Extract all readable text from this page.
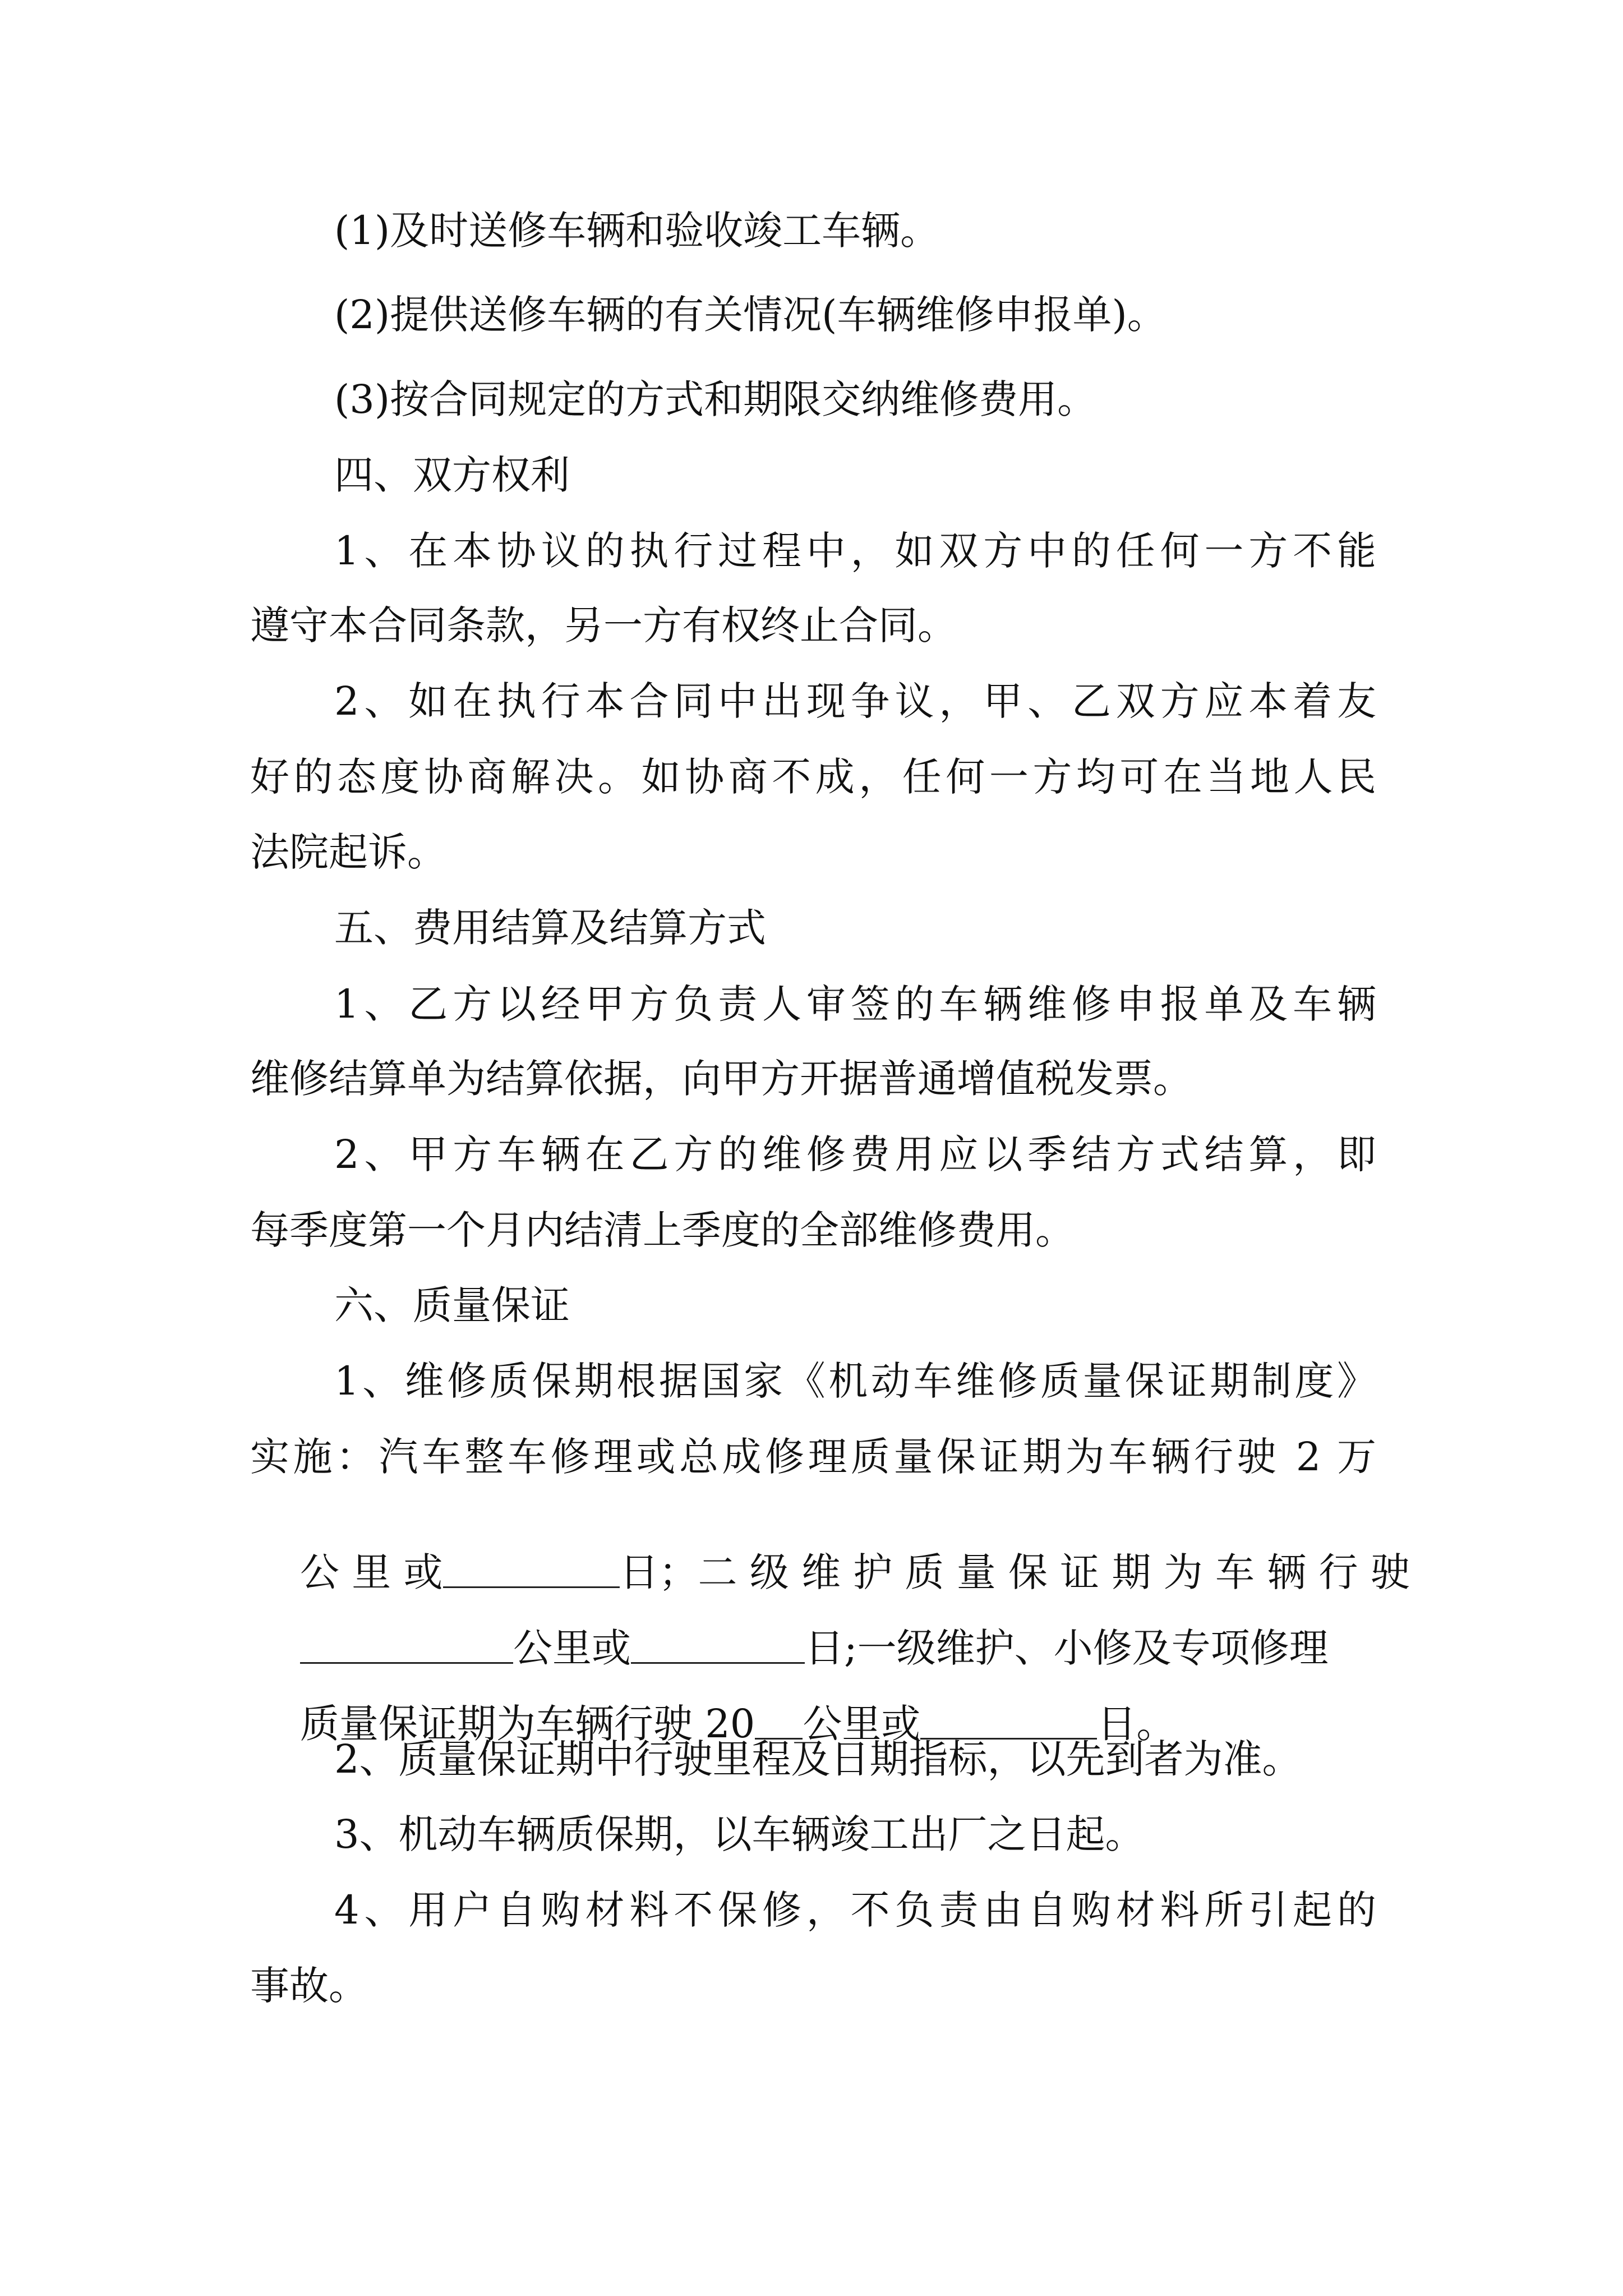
(1)及时送修车辆和验收竣工车辆。
(2)提供送修车辆的有关情况(车辆维修申报单)。
(3)按合同规定的方式和期限交纳维修费用。
四、双方权利
1、在本协议的执行过程中，如双方中的任何一方不能
遵守本合同条款，另一方有权终止合同。
2、如在执行本合同中出现争议，甲、乙双方应本着友
好的态度协商解决。如协商不成，任何一方均可在当地人民
法院起诉。
五、费用结算及结算方式
1、乙方以经甲方负责人审签的车辆维修申报单及车辆
维修结算单为结算依据，向甲方开据普通增值税发票。
2、甲方车辆在乙方的维修费用应以季结方式结算，即
每季度第一个月内结清上季度的全部维修费用。
六、质量保证
1、维修质保期根据国家《机动车维修质量保证期制度》
实施：汽车整车修理或总成修理质量保证期为车辆行驶 2 万

公 里 或	日；二 级 维 护 质 量 保 证 期 为 车 辆 行 驶

公里或	日;一级维护、小修及专项修理

质量保证期为车辆行驶 20 公里或	日。

2、质量保证期中行驶里程及日期指标，以先到者为准。
3、机动车辆质保期，以车辆竣工出厂之日起。
4、用户自购材料不保修，不负责由自购材料所引起的
事故。
